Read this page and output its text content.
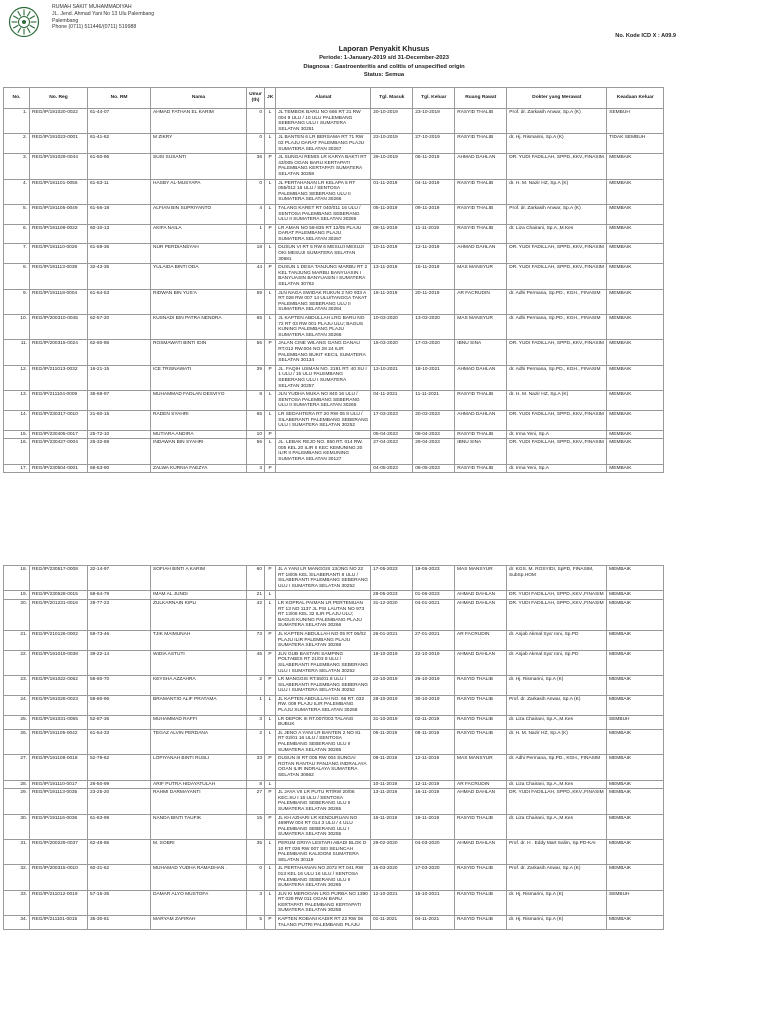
RUMAH SAKIT MUHAMMADIYAH
JL. Jend. Ahmad Yani No 13 Ulu Palembang
Palembang
Phone (0711) 511446/(0711) 519988
No. Kode ICD X : A09.9
Laporan Penyakit Khusus
Periode: 1-January-2019 s/d 31-December-2023
Diagnosa : Gastroenteritis and colitis of unspecified origin
Status: Semua
No.	No. Reg	No. RM	Nama	Umur (th)	JK	Alamat	Tgl. Masuk	Tgl. Keluar	Ruang Rawat	Dokter yang Merawat	Keadaan Keluar
1.	REG/IP/191020-0022	61-44-07	AHMAD FATHAN EL KARIM	0	L	JL TEMBOK BARU NO 666 RT 21 RW 004 9 ULU / 10 ULU PALEMBANG SEBERANG ULU I SUMATERA SELATAN 30251	20-10-2019	23-10-2019	RASYID THALIB	Prof. dr. Zarkasih Anwar, Sp.A (K)	SEMBUH
2.	REG/IP/191023-0001	61-41-62	M ZIKRY	0	L	JL BANTEN 6 LR BERSAMA RT 71 RW 02 PLAJU DARAT PALEMBANG PLAJU SUMATERA SELATAN 30267	23-10-2019	27-10-2019	RASYID THALIB	dr. Hj. Rismarini, Sp.A (K)	TIDAK SEMBUH
3.	REG/IP/191029-0044	61-50-96	SUSI SUSANTI	36	P	JL SUNGAI REMIS LR KARYA BAKTI RT 43/005 OGAN BARU KERTAPATI PALEMBANG KERTAPATI SUMATERA SELATAN 30258	29-10-2019	06-11-2019	AHMAD DAHLAN	DR. YUDI FADILLAH, SPPD.,KKV.,FINASIM	MEMBAIK
4.	REG/IP/191101-0056	61-53-11	HASBY AL-MUSYAPA	0	L	JL PERTAHANAN LR KELAPA 5 RT 055/012 16 ULU / SENTOSA PALEMBANG SEBERANG ULU II SUMATERA SELATAN 30265	01-11-2019	04-11-2019	RASYID THALIB	dr. H. M. Nazir HZ, Sp.A (K)	MEMBAIK
5.	REG/IP/191105-0049	61-56-18	ALFIAN BIN SUPRIYANTO	4	L	TALANG KARET RT 040/011 16 ULU / SENTOSA PALEMBANG SEBERANG ULU II SUMATERA SELATAN 30265	05-11-2019	09-11-2019	RASYID THALIB	Prof. dr. Zarkasih Anwar, Sp.A (K)	MEMBAIK
6.	REG/IP/191108-0022	60-10-13	AKIFA NAILA	1	P	LR AMAN NO 58-835 RT 12/05 PLAJU DARAT PALEMBANG PLAJU SUMATERA SELATAN 30267	08-11-2019	11-11-2019	RASYID THALIB	dr. Liza Chairani, Sp.A.,M.Kes	MEMBAIK
7.	REG/IP/191110-0026	61-59-36	NUR PERDIANSYAH	18	L	DUSUN VI RT 5 RW 6 MESUJI MESUJI OKI MESUJI SUMATERA SELATAN 30681	10-11-2019	12-11-2019	AHMAD DAHLAN	DR. YUDI FADILLAH, SPPD.,KKV.,FINASIM	MEMBAIK
8.	REG/IP/191113-0039	32-43-35	YULAIDA BINTI ODA	44	P	DUSUN 1 DESA TANJUNG MARBU RT 2 KEL TANJUNG MARBU BANYUASIN I BANYUASIN BANYUASIN I SUMATERA SELATAN 30762	13-11-2019	15-11-2019	MAS MANSYUR	DR. YUDI FADILLAH, SPPD.,KKV.,FINASIM	MEMBAIK
9.	REG/IP/191118-0004	61-64-53	RIDWAN BIN YUS'A	59	L	JLN NAGA SWIDAK RUKUN 2 NO 933 A RT 028 RW 007 14 ULU/TANGGA TAKAT PALEMBANG SEBERANG ULU II SUMATERA SELATAN 30264	18-11-2019	20-11-2019	AR FACRUDIN	dr. Adhi Permana, Sp.PD., KGH., FINASIM	MEMBAIK
10.	REG/IP/200310-0045	62-57-20	KUSNADI BIN PATRA NENDRA	65	L	JL KAPTEN ABDULLAH LRG BARU NO 72 RT 03 RW 001 PLAJU ULU; BAGUS KUNING PALEMBANG PLAJU SUMATERA SELATAN 30266	10-03-2020	13-03-2020	MAS MANSYUR	dr. Adhi Permana, Sp.PD., KGH., FINASIM	MEMBAIK
11.	REG/IP/200315-0024	62-60-86	ROSMAWATI BINTI IDIN	56	P	JALAN CINE WILANG GANG DANAU RT.012 RW.004 NO 28 24 ILIR PALEMBANG BUKIT KECIL SUMATERA SELATAN 30134	15-03-2020	17-03-2020	IBNU SINA	DR. YUDI FADILLAH, SPPD.,KKV.,FINASIM	MEMBAIK
12.	REG/IP/211013-0032	16-21-15	ICE TRISNAWATI	39	P	JL. FAQIH USMAN NO. 2191 RT. 40 SU I 1 ULU / 15 ULU PALEMBANG SEBERANG ULU I SUMATERA SELATAN 30257	13-10-2021	18-10-2021	AHMAD DAHLAN	dr. Adhi Permana, Sp.PD., KGH., FINASIM	MEMBAIK
13.	REG/IP/211104-0009	35-69-97	MUHAMMAD FADLAN DESVIYO	8	L	JLN YUDHA MUKA NO 840 16 ULU / SENTOSA PALEMBANG SEBERANG ULU II SUMATERA SELATAN 30265	04-11-2021	11-11-2021	RASYID THALIB	dr. H. M. Nazir HZ, Sp.A (K)	MEMBAIK
14.	REG/IP/230317-0010	21-60-15	RADEN SYAHRI	65	L	LR SEDAHTERA RT 20 RW 05 8 ULU / SILABERANTI PALEMBANG SEBERANG ULU I SUMATERA SELATAN 30252	17-03-2023	20-03-2023	AHMAD DAHLAN	DR. YUDI FADILLAH, SPPD.,KKV.,FINASIM	MEMBAIK
15.	REG/IP/230405-0017	25-72-10	MUTIARA ANDIRA	10	P		05-04-2023	08-04-2023	RASYID THALIB	dr. Irma Yeni, Sp.A	MEMBAIK
16.	REG/IP/230427-0004	26-32-89	INDAWAN BIN SYAHRI	56	L	JL. LEBAK REJO NO. 850 RT. 014 RW. 005 KEL 20 ILIR II KEC KEMUNING 20 ILIR II PALEMBANG KEMUNING SUMATERA SELATAN 30127	27-04-2023	29-04-2023	IBNU SINA	DR. YUDI FADILLAH, SPPD.,KKV.,FINASIM	MEMBAIK
17.	REG/IP/230504-0001	68-53-90	ZALWA KURNIA FAEZYA	3	P		04-05-2023	08-05-2023	RASYID THALIB	dr. Irma Yeni, Sp.A	MEMBAIK
18.	REG/IP/230517-0008	32-14-97	SOFIAH BINTI A KARIM	60	P	JL A YANI LR MANGGIS 13/JNG NO 22 RT 18/05 KEL SILABERANTI 8 ULU / SILABERANTI PALEMBANG SEBERANG ULU I SUMATERA SELATAN 30252	17-05-2023	19-05-2023	MAS MANSYUR	dr. KGS. M. ROSYIDI, SpPD, FINASIM, SubSp.HOM	MEMBAIK
19.	REG/IP/230528-0015	68-64-79	IMAM AL JUNDI	21	L		28-05-2023	01-06-2023	AHMAD DAHLAN	DR. YUDI FADILLAH, SPPD.,KKV.,FINASIM	MEMBAIK
20.	REG/IP/201231-0016	29-77-23	ZULKARNAIN KIPLI	42	L	LR KOPRAL PAIMAN LR PERTEMUAN RT 13 NO 1137 JL PSI LAUTAN NO 973 RT 13/06 KEL 32 ILIR PLAJU ULU; BAGUS KUNING PALEMBANG PLAJU SUMATERA SELATAN 30266	31-12-2020	04-01-2021	AHMAD DAHLAN	DR. YUDI FADILLAH, SPPD.,KKV.,FINASIM	MEMBAIK
21.	REG/IP/210126-0002	59-73-46	TJIK MAIMUNAH	73	P	JL KAPTEN ABDULLAH NO 05 RT 06/02 PLAJU ILIR PALEMBANG PLAJU SUMATERA SELATAN 30268	26-01-2021	27-01-2021	AR FACRUDIN	dr. Anjab Akmal Sya' roni, Sp.PD	MEMBAIK
22.	REG/IP/191019-0038	39-22-14	WIDIA ASTUTI	45	P	JLN GUB BASTARI SAMPING POLTABES RT 21/03 8 ULU / SILABERANTI PALEMBANG SEBERANG ULU I SUMATERA SELATAN 30252	19-10-2019	22-10-2019	AHMAD DAHLAN	dr. Anjab Akmal Sya' roni, Sp.PD	MEMBAIK
23.	REG/IP/191022-0052	56-60-70	KEYSHA AZZAHRA	2	P	LR MANGGIS RT.55/01 8 ULU / SILABERANTI PALEMBANG SEBERANG ULU I SUMATERA SELATAN 30252	22-10-2019	26-10-2019	RASYID THALIB	dr. Hj. Rismarini, Sp.A (K)	MEMBAIK
24.	REG/IP/191028-0023	58-80-96	BRAMANTIO ALIF PRATAMA	1	L	JL KAPTEN ABDULLAH NO. 66 RT. 032 RW. 009 PLAJU ILIR PALEMBANG PLAJU SUMATERA SELATAN 30268	28-10-2019	30-10-2019	RASYID THALIB	Prof. dr. Zarkasih Anwar, Sp.A (K)	MEMBAIK
25.	REG/IP/191031-0055	52-87-36	MUHAMMAD RAFFI	3	L	LR DEPOK III RT.007/003 TALANG BUBUK	31-10-2019	02-11-2019	RASYID THALIB	dr. Liza Chairani, Sp.A.,M.Kes	SEMBUH
26.	REG/IP/191105-0042	61-54-33	TEGAZ ALVIN PERDANA	2	L	JL JENO A YANI LR BANTEN 2 NO 81 RT 02/01 16 ULU / SENTOSA PALEMBANG SEBERANG ULU II SUMATERA SELATAN 30265	05-11-2019	08-11-2019	RASYID THALIB	dr. H. M. Nazir HZ, Sp.A (K)	MEMBAIK
27.	REG/IP/191108-0018	52-79-62	LOPIYANAH BINTI RUSLI	33	P	DUSUN III RT 005 RW 004 SUNGAI ROTAN RANTAU PANJANG INDRALAYA OGAN ILIR INDRALAYA SUMATERA SELATAN 30662	08-11-2019	12-11-2019	MAS MANSYUR	dr. Adhi Permana, Sp.PD., KGH., FINASIM	MEMBAIK
28.	REG/IP/191110-0017	26-50-99	ARIF PUTRA HIDAYATULAH	8	L		10-11-2019	12-11-2019	AR FACRUDIN	dr. Liza Chairani, Sp.A.,M.Kes	MEMBAIK
29.	REG/IP/191113-0035	23-25-20	RAHMI DARMAYANTI	27	P	JL JAYA VII LR PUTU RT/RW 20/06 KEC.SU I 16 ULU / SENTOSA PALEMBANG SEBERANG ULU II SUMATERA SELATAN 30265	13-11-2019	16-11-2019	AHMAD DAHLAN	DR. YUDI FADILLAH, SPPD.,KKV.,FINASIM	MEMBAIK
30.	REG/IP/191116-0036	61-63-99	NANDA BINTI TAUFIK	15	P	JL KH AZHARI LR KENDURUAN NO 469RW 004 RT 014 3 ULU / 4 ULU PALEMBANG SEBERANG ULU I SUMATERA SELATAN 30255	16-11-2019	19-11-2019	RASYID THALIB	dr. Liza Chairani, Sp.A.,M.Kes	MEMBAIK
31.	REG/IP/200229-0037	62-48-86	M. SOBRI	35	L	PERUM GRIYA LESTARI ABADI BLOK D 10 RT 026 RW 007 SEI SELINCAH PALEMBANG KALIDONI SUMATERA SELATAN 30119	29-02-2020	04-03-2020	AHMAD DAHLAN	Prof. dr. H . Eddy Mart Salim, Sp.PD-KAI	MEMBAIK
32.	REG/IP/200315-0010	60-31-62	MUHAMAD YUDHA RAMADHAN .	0	L	JL PERTAHANAN NO 2072 RT 041 RW 013 KEL 16 ULU 16 ULU / SENTOSA PALEMBANG SEBERANG ULU II SUMATERA SELATAN 30265	15-03-2020	17-03-2020	RASYID THALIB	Prof. dr. Zarkasih Anwar, Sp.A (K)	MEMBAIK
33.	REG/IP/211012-0019	57-15-35	DAMAR ALYO MUSTOFA	3	L	JLN KI MEROGAN LRG PURBA NO 1390 RT 029 RW 011 OGAN BARU KERTAPATI PALEMBANG KERTAPATI SUMATERA SELATAN 30258	12-10-2021	15-10-2021	RASYID THALIB	dr. Hj. Rismarini, Sp.A (K)	SEMBUH
34.	REG/IP/211101-0015	35-30-81	MARYAM ZAFIRAH	5	P	KAPTEN ROBANI KADIR RT 22 RW 06 TALANG PUTRI PALEMBANG PLAJU	01-11-2021	04-11-2021	RASYID THALIB	dr. Hj. Rismarini, Sp.A (K)	MEMBAIK
